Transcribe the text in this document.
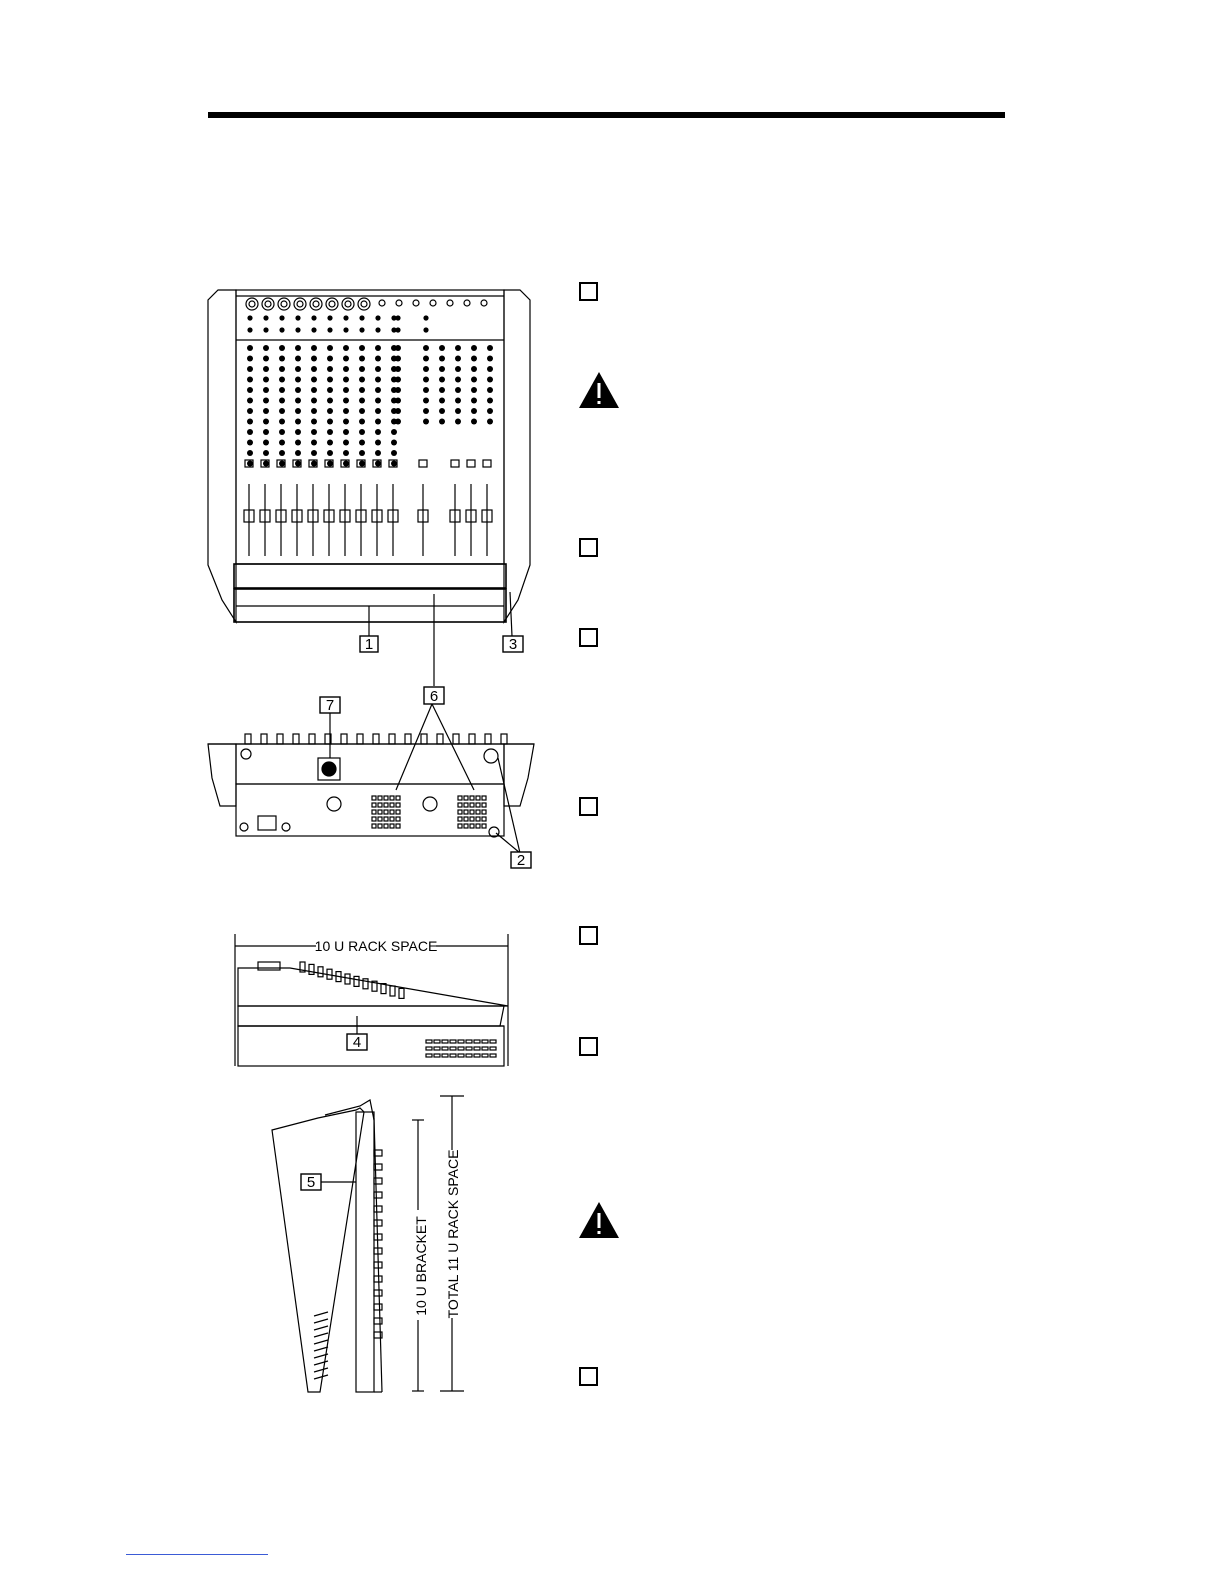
10 U RACK SPACE
10 U BRACKET TOTAL 11 U RACK SPACE
1	3
7
6
2
4
5
